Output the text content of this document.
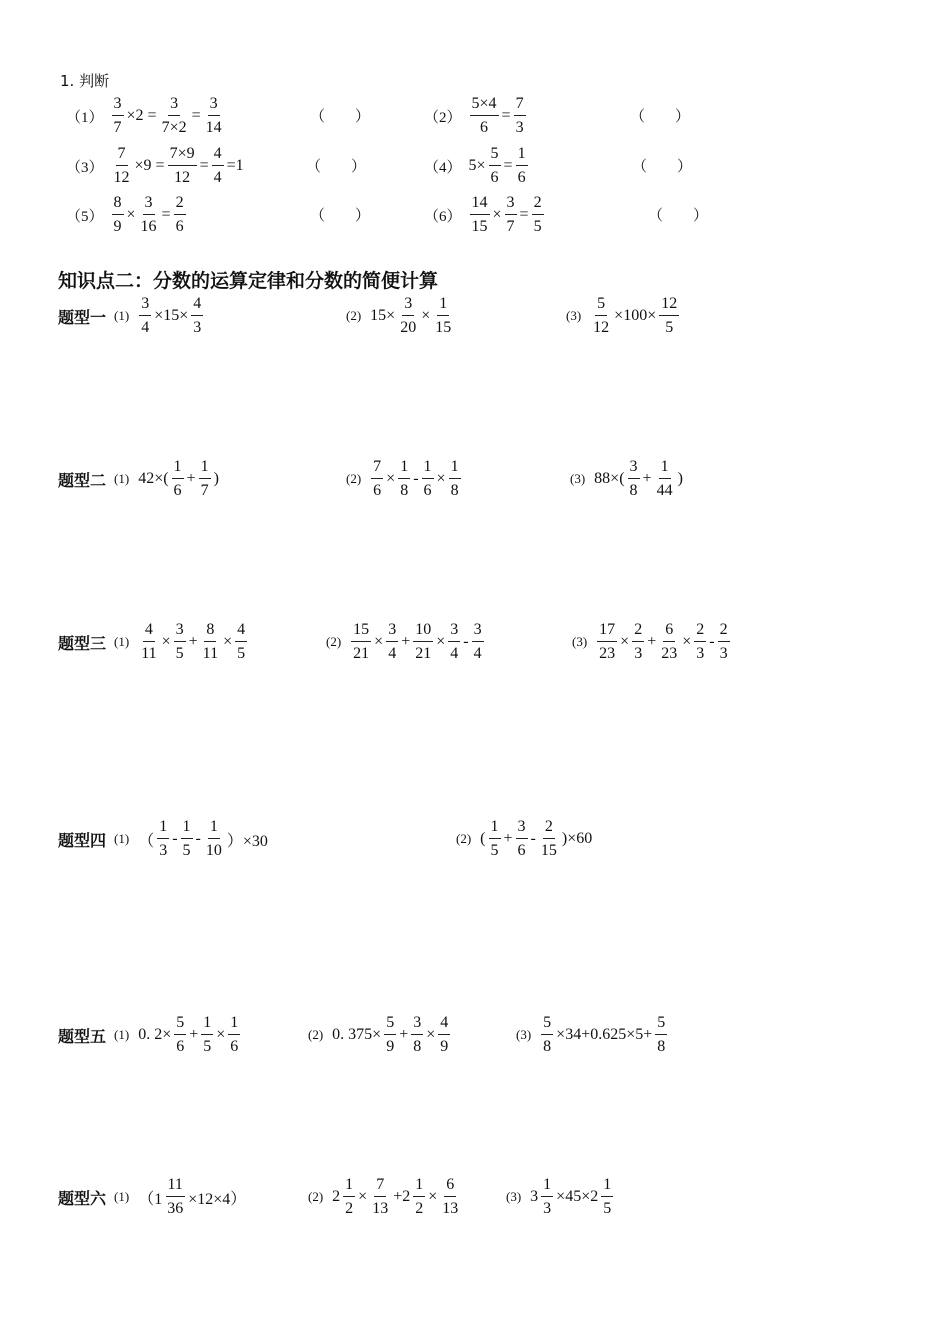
1. 判断
$(1) \frac{3}{7} \times 2 = \frac{3}{7\times 2} = \frac{3}{14}$	（　　）	$(2) \frac{5\times 4}{6} = \frac{7}{3}$	（　　）
$(3) \frac{7}{12} \times 9 = \frac{7\times 9}{12} = \frac{4}{4} =1$	（　　）	（4） $5\times \frac{5}{6} = \frac{1}{6}$	（　　）
$(5) \frac{8}{9} \times \frac{3}{16} = \frac{2}{6}$	（　　）	$(6) \frac{14}{15} \times \frac{3}{7} = \frac{2}{5}$	（　　）
知识点二：分数的运算定律和分数的简便计算
题型一 $(1) \frac{3}{4} \times 15\times \frac{4}{3}$	(2) $15\times \frac{3}{20} \times \frac{1}{15}$	$(3) \frac{5}{12} \times 100\times \frac{12}{5}$
题型二 (1) $42\times( \frac{1}{6} + \frac{1}{7}$ )	$(2) \frac{7}{6} \times \frac{1}{8} - \frac{1}{6} \times \frac{1}{8}$	(3) $88\times( \frac{3}{8} + \frac{1}{44}$ )
题型三 $(1) \frac{4}{11} \times \frac{3}{5} + \frac{8}{11} \times \frac{4}{5}$	$(2) \frac{15}{21} \times \frac{3}{4} + \frac{10}{21} \times \frac{3}{4} - \frac{3}{4}$	$(3) \frac{17}{23} \times \frac{2}{3} + \frac{6}{23} \times \frac{2}{3} - \frac{2}{3}$
题型四 (1) （ $\frac{1}{3} - \frac{1}{5} - \frac{1}{10} )\times 30$	(2) ( $\frac{1}{5} + \frac{3}{6} - \frac{2}{15} )\times 60$
题型五 (1) 0. $2\times \frac{5}{6} + \frac{1}{5} \times \frac{1}{6}$	(2) 0. $375\times \frac{5}{9} + \frac{3}{8} \times \frac{4}{9}$	$(3) \frac{5}{8} \times 34+0.625\times 5+ \frac{5}{8}$
题型六 (1) $(1 \frac{11}{36} \times 12\times 4)$	(2) $2 \frac{1}{2} \times \frac{7}{13} +2 \frac{1}{2} \times \frac{6}{13}$	(3) $3 \frac{1}{3} \times 45\times 2 \frac{1}{5}$
